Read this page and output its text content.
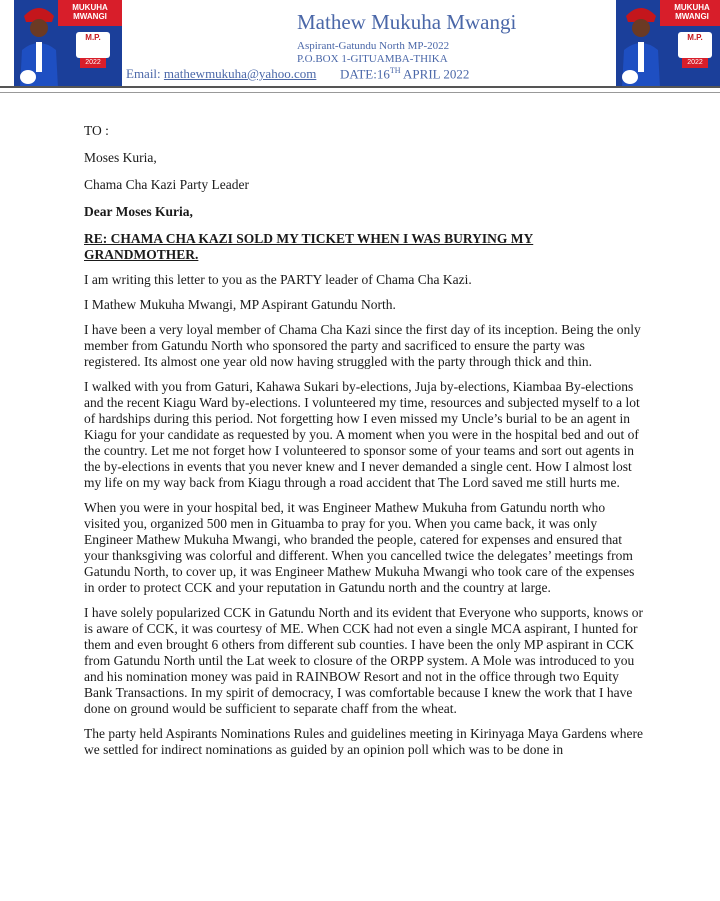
MUKUHA MWANGI
M.P.
2022
MUKUHA MWANGI
M.P.
2022
Mathew Mukuha Mwangi
Aspirant-Gatundu North MP-2022
P.O.BOX 1-GITUAMBA-THIKA
Email: mathewmukuha@yahoo.com DATE:16TH APRIL 2022

TO :

Moses Kuria,

Chama Cha Kazi Party Leader

Dear Moses Kuria,

RE: CHAMA CHA KAZI SOLD MY TICKET WHEN I WAS BURYING MY GRANDMOTHER.

I am writing this letter to you as the PARTY leader of Chama Cha Kazi.

I Mathew Mukuha Mwangi, MP Aspirant Gatundu North.

I have been a very loyal member of Chama Cha Kazi since the first day of its inception. Being the only member from Gatundu North who sponsored the party and sacrificed to ensure the party was registered. Its almost one year old now having struggled with the party through thick and thin.

I walked with you from Gaturi, Kahawa Sukari by-elections, Juja by-elections, Kiambaa By-elections and the recent Kiagu Ward by-elections. I volunteered my time, resources and subjected myself to a lot of hardships during this period. Not forgetting how I even missed my Uncle’s burial to be an agent in Kiagu for your candidate as requested by you. A moment when you were in the hospital bed and out of the country. Let me not forget how I volunteered to sponsor some of your teams and sort out agents in the by-elections in events that you never knew and I never demanded a single cent. How I almost lost my life on my way back from Kiagu through a road accident that The Lord saved me still hurts me.

When you were in your hospital bed, it was Engineer Mathew Mukuha from Gatundu north who visited you, organized 500 men in Gituamba to pray for you. When you came back, it was only Engineer Mathew Mukuha Mwangi, who branded the people, catered for expenses and ensured that your thanksgiving was colorful and different. When you cancelled twice the delegates’ meetings from Gatundu North, to cover up, it was Engineer Mathew Mukuha Mwangi who took care of the expenses in order to protect CCK and your reputation in Gatundu north and the country at large.

I have solely popularized CCK in Gatundu North and its evident that Everyone who supports, knows or is aware of CCK, it was courtesy of ME. When CCK had not even a single MCA aspirant, I hunted for them and even brought 6 others from different sub counties. I have been the only MP aspirant in CCK from Gatundu North until the Lat week to closure of the ORPP system. A Mole was introduced to you and his nomination money was paid in RAINBOW Resort and not in the office through two Equity Bank Transactions. In my spirit of democracy, I was comfortable because I knew the work that I have done on ground would be sufficient to separate chaff from the wheat.

The party held Aspirants Nominations Rules and guidelines meeting in Kirinyaga Maya Gardens where we settled for indirect nominations as guided by an opinion poll which was to be done in
